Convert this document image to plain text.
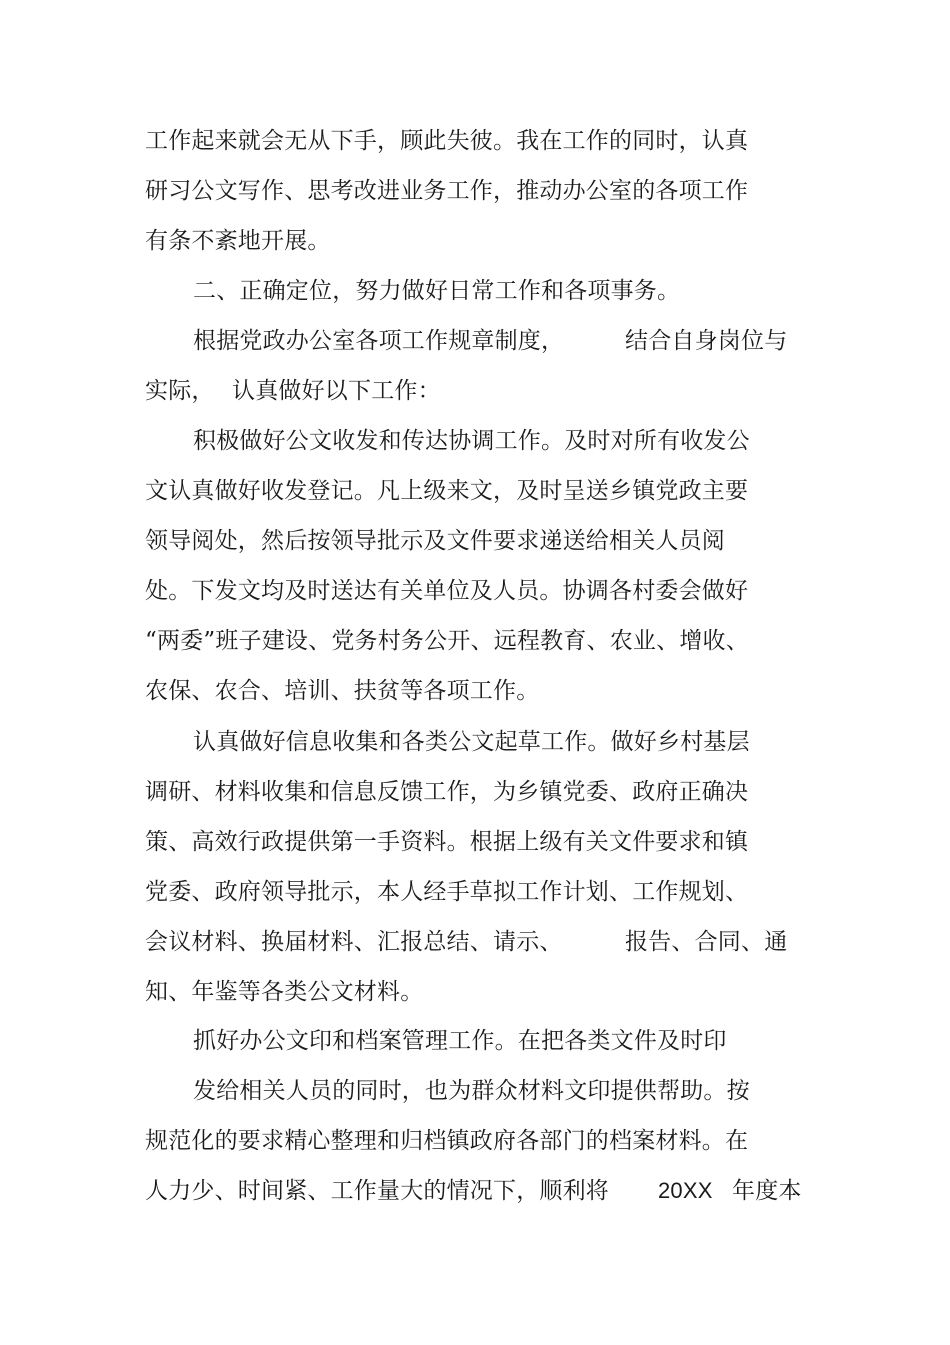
工作起来就会无从下手，顾此失彼。我在工作的同时，认真
研习公文写作、思考改进业务工作，推动办公室的各项工作
有条不紊地开展。
二、正确定位，努力做好日常工作和各项事务。
根据党政办公室各项工作规章制度，	结合自身岗位与
实际， 认真做好以下工作：
积极做好公文收发和传达协调工作。及时对所有收发公
文认真做好收发登记。凡上级来文，及时呈送乡镇党政主要
领导阅处，然后按领导批示及文件要求递送给相关人员阅
处。下发文均及时送达有关单位及人员。协调各村委会做好
“两委”班子建设、党务村务公开、远程教育、农业、增收、
农保、农合、培训、扶贫等各项工作。
认真做好信息收集和各类公文起草工作。做好乡村基层
调研、材料收集和信息反馈工作，为乡镇党委、政府正确决
策、高效行政提供第一手资料。根据上级有关文件要求和镇
党委、政府领导批示，本人经手草拟工作计划、工作规划、
会议材料、换届材料、汇报总结、请示、	报告、合同、通
知、年鉴等各类公文材料。
抓好办公文印和档案管理工作。在把各类文件及时印
发给相关人员的同时，也为群众材料文印提供帮助。按
规范化的要求精心整理和归档镇政府各部门的档案材料。在
人力少、时间紧、工作量大的情况下，顺利将 20XX 年度本
